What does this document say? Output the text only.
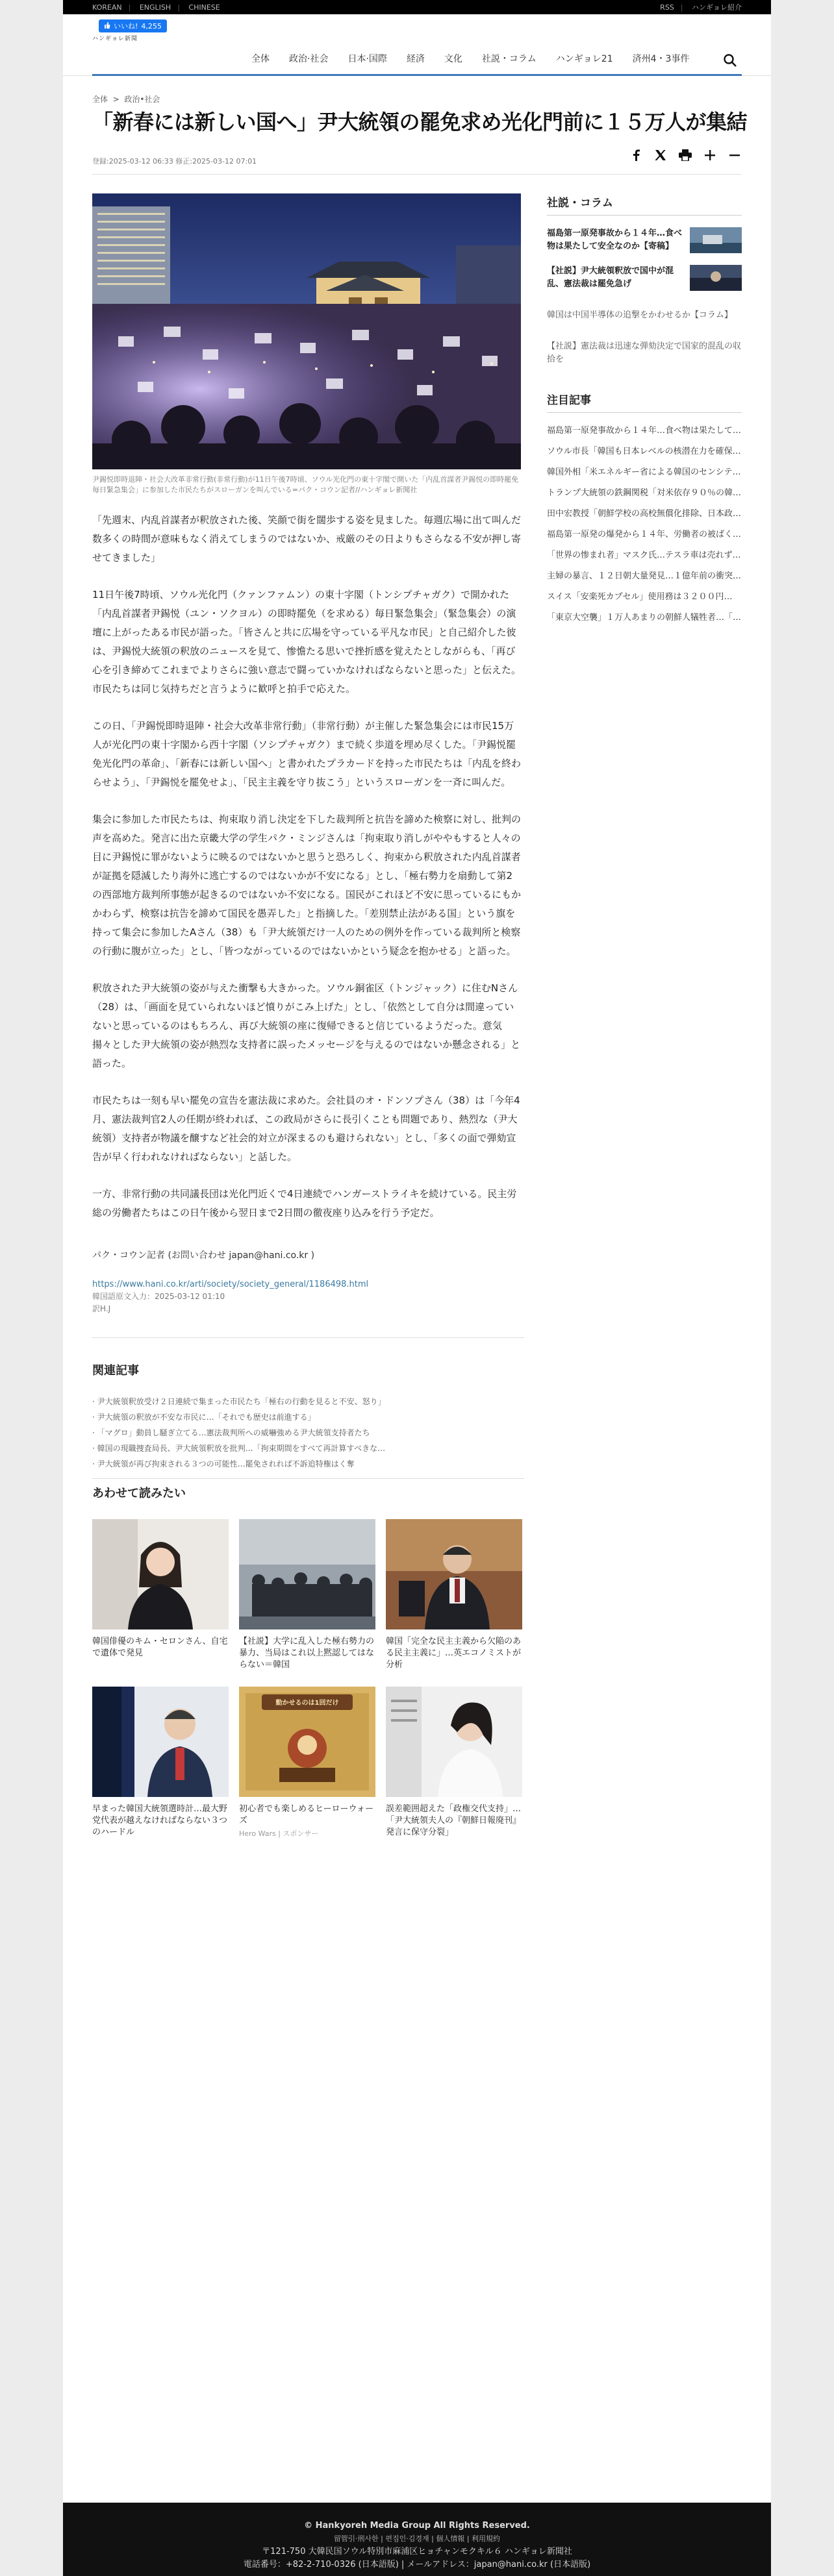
KOREAN | ENGLISH | CHINESE	RSS | ハンギョレ紹介
いいね! 4,255
ハンギョレ新聞
全体 政治·社会 日本·国際 経済 文化 社説・コラム ハンギョレ21 済州4・3事件
全体  >  政治•社会
「新春には新しい国へ」尹大統領の罷免求め光化門前に１５万人が集結
登録:2025-03-12 06:33 修正:2025-03-12 07:01
尹錫悦即時退陣・社会大改革非常行動(非常行動)が11日午後7時頃、ソウル光化門の東十字閣で開いた「内乱首謀者尹錫悦の即時罷免毎日緊急集会」に参加した市民たちがスローガンを叫んでいる=パク・コウン記者//ハンギョレ新聞社

「先週末、内乱首謀者が釈放された後、笑顔で街を闊歩する姿を見ました。毎週広場に出て叫んだ数多くの時間が意味もなく消えてしまうのではないか、戒厳のその日よりもさらなる不安が押し寄せてきました」

11日午後7時頃、ソウル光化門（クァンファムン）の東十字閣（トンシプチャガク）で開かれた「内乱首謀者尹錫悦（ユン・ソクヨル）の即時罷免（を求める）毎日緊急集会」（緊急集会）の演壇に上がったある市民が語った。「皆さんと共に広場を守っている平凡な市民」と自己紹介した彼は、尹錫悦大統領の釈放のニュースを見て、惨憺たる思いで挫折感を覚えたとしながらも、「再び心を引き締めてこれまでよりさらに強い意志で闘っていかなければならないと思った」と伝えた。市民たちは同じ気持ちだと言うように歓呼と拍手で応えた。

この日、「尹錫悦即時退陣・社会大改革非常行動」（非常行動）が主催した緊急集会には市民15万人が光化門の東十字閣から西十字閣（ソシプチャガク）まで続く歩道を埋め尽くした。「尹錫悦罷免光化門の革命」、「新春には新しい国へ」と書かれたプラカードを持った市民たちは「内乱を終わらせよう」、「尹錫悦を罷免せよ」、「民主主義を守り抜こう」というスローガンを一斉に叫んだ。

集会に参加した市民たちは、拘束取り消し決定を下した裁判所と抗告を諦めた検察に対し、批判の声を高めた。発言に出た京畿大学の学生パク・ミンジさんは「拘束取り消しがややもすると人々の目に尹錫悦に罪がないように映るのではないかと思うと恐ろしく、拘束から釈放された内乱首謀者が証拠を隠滅したり海外に逃亡するのではないかが不安になる」とし、「極右勢力を扇動して第2の西部地方裁判所事態が起きるのではないか不安になる。国民がこれほど不安に思っているにもかかわらず、検察は抗告を諦めて国民を愚弄した」と指摘した。「差別禁止法がある国」という旗を持って集会に参加したAさん（38）も「尹大統領だけ一人のための例外を作っている裁判所と検察の行動に腹が立った」とし、「皆つながっているのではないかという疑念を抱かせる」と語った。

釈放された尹大統領の姿が与えた衝撃も大きかった。ソウル銅雀区（トンジャック）に住むNさん（28）は、「画面を見ていられないほど憤りがこみ上げた」とし、「依然として自分は間違っていないと思っているのはもちろん、再び大統領の座に復帰できると信じているようだった。意気揚々とした尹大統領の姿が熱烈な支持者に誤ったメッセージを与えるのではないか懸念される」と語った。

市民たちは一刻も早い罷免の宣告を憲法裁に求めた。会社員のオ・ドンソプさん（38）は「今年4月、憲法裁判官2人の任期が終われば、この政局がさらに長引くことも問題であり、熱烈な（尹大統領）支持者が物議を醸すなど社会的対立が深まるのも避けられない」とし、「多くの面で弾劾宣告が早く行われなければならない」と話した。

一方、非常行動の共同議長団は光化門近くで4日連続でハンガーストライキを続けている。民主労総の労働者たちはこの日午後から翌日まで2日間の徹夜座り込みを行う予定だ。

パク・コウン記者 (お問い合わせ japan@hani.co.kr )
https://www.hani.co.kr/arti/society/society_general/1186498.html
韓国語原文入力：2025-03-12 01:10
訳H.J
関連記事
· 尹大統領釈放受け２日連続で集まった市民たち「極右の行動を見ると不安、怒り」
· 尹大統領の釈放が不安な市民に…「それでも歴史は前進する」
· 「マグロ」動員し騒ぎ立てる…憲法裁判所への威嚇強める尹大統領支持者たち
· 韓国の現職捜査局長、尹大統領釈放を批判…「拘束期間をすべて再計算すべきな…
· 尹大統領が再び拘束される３つの可能性…罷免されれば不訴追特権はく奪
あわせて読みたい
韓国俳優のキム・セロンさん、自宅で遺体で発見
【社説】大学に乱入した極右勢力の暴力、当局はこれ以上黙認してはならない＝韓国
韓国「完全な民主主義から欠陥のある民主主義に」…英エコノミストが分析
早まった韓国大統領選時計…最大野党代表が越えなければならない３つのハードル
動かせるのは1回だけ
初心者でも楽しめるヒーローウォーズ
Hero Wars | スポンサー
誤差範囲超えた「政権交代支持」…「尹大統領夫人の『朝鮮日報廃刊』発言に保守分裂」
社説・コラム
福島第一原発事故から１４年…食べ物は果たして安全なのか【寄稿】
【社説】尹大統領釈放で国中が混乱、憲法裁は罷免急げ
韓国は中国半導体の追撃をかわせるか【コラム】
【社説】憲法裁は迅速な弾劾決定で国家的混乱の収拾を
注目記事
福島第一原発事故から１４年…食べ物は果たして…
ソウル市長「韓国も日本レベルの核潜在力を確保…
韓国外相「米エネルギー省による韓国のセンシテ…
トランプ大統領の鉄鋼関税「対米依存９０％の韓…
田中宏教授「朝鮮学校の高校無償化排除、日本政…
福島第一原発の爆発から１４年、労働者の被ばく…
「世界の惨まれ者」マスク氏…テスラ車は売れず…
主婦の暴言、１２日朝大量発見…１億年前の衝突…
スイス「安楽死カプセル」使用務は３２００円…
「東京大空襲」１万人あまりの朝鮮人犠牲者…「…
© Hankyoreh Media Group All Rights Reserved.
留管引·刑사한 | 편집인·김경재 | 個人情報 | 利用規約
〒121-750 大韓民国ソウル特別市麻浦区ヒョチャンモクキル６ ハンギョレ新聞社
電話番号：+82-2-710-0326 (日本語版) | メールアドレス：japan@hani.co.kr (日本語版)
